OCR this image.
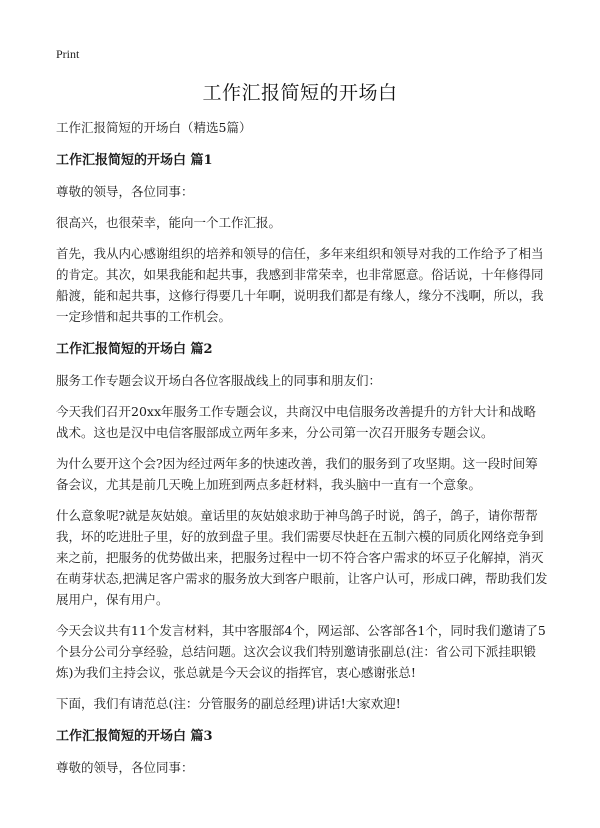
Print
工作汇报简短的开场白

工作汇报简短的开场白（精选5篇）

工作汇报简短的开场白 篇1

尊敬的领导，各位同事：

很高兴，也很荣幸，能向一个工作汇报。

首先，我从内心感谢组织的培养和领导的信任，多年来组织和领导对我的工作给予了相当的肯定。其次，如果我能和起共事，我感到非常荣幸，也非常愿意。俗话说，十年修得同船渡，能和起共事，这修行得要几十年啊，说明我们都是有缘人，缘分不浅啊，所以，我一定珍惜和起共事的工作机会。

工作汇报简短的开场白 篇2

服务工作专题会议开场白各位客服战线上的同事和朋友们：

今天我们召开20xx年服务工作专题会议，共商汉中电信服务改善提升的方针大计和战略战术。这也是汉中电信客服部成立两年多来，分公司第一次召开服务专题会议。

为什么要开这个会?因为经过两年多的快速改善，我们的服务到了攻坚期。这一段时间筹备会议，尤其是前几天晚上加班到两点多赶材料，我头脑中一直有一个意象。

什么意象呢?就是灰姑娘。童话里的灰姑娘求助于神鸟鸽子时说，鸽子，鸽子，请你帮帮我，坏的吃进肚子里，好的放到盘子里。我们需要尽快赶在五制六模的同质化网络竞争到来之前，把服务的优势做出来，把服务过程中一切不符合客户需求的坏豆子化解掉，消灭在萌芽状态,把满足客户需求的服务放大到客户眼前，让客户认可，形成口碑，帮助我们发展用户，保有用户。

今天会议共有11个发言材料，其中客服部4个，网运部、公客部各1个，同时我们邀请了5个县分公司分享经验，总结问题。这次会议我们特别邀请张副总(注：省公司下派挂职锻炼)为我们主持会议，张总就是今天会议的指挥官，衷心感谢张总!

下面，我们有请范总(注：分管服务的副总经理)讲话!大家欢迎!

工作汇报简短的开场白 篇3

尊敬的领导，各位同事：
